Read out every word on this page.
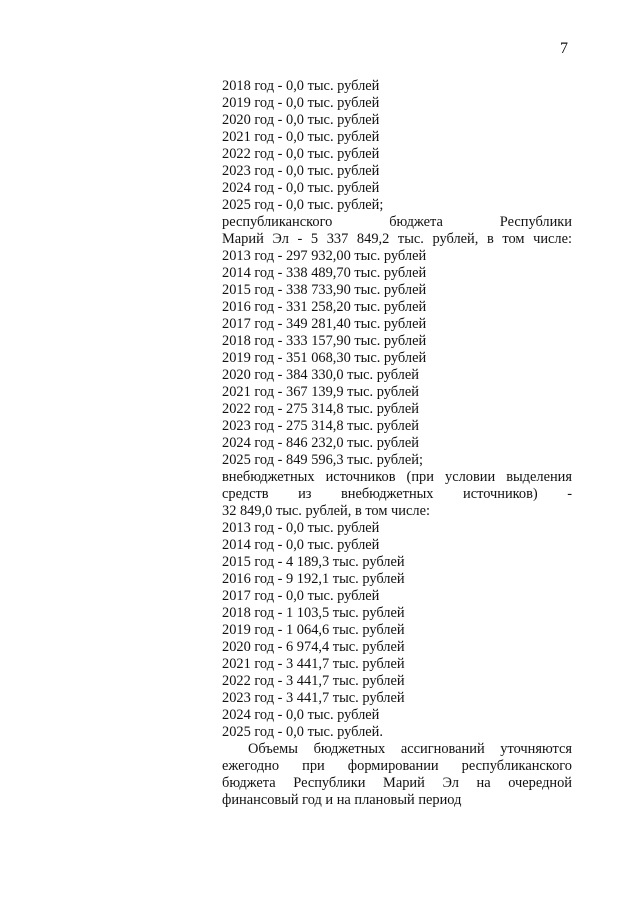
7
2018 год - 0,0 тыс. рублей
2019 год - 0,0 тыс. рублей
2020 год - 0,0 тыс. рублей
2021 год - 0,0 тыс. рублей
2022 год - 0,0 тыс. рублей
2023 год - 0,0 тыс. рублей
2024 год - 0,0 тыс. рублей
2025 год - 0,0 тыс. рублей;
республиканского бюджета Республики
Марий Эл - 5 337 849,2 тыс. рублей, в том числе:
2013 год - 297 932,00 тыс. рублей
2014 год - 338 489,70 тыс. рублей
2015 год - 338 733,90 тыс. рублей
2016 год - 331 258,20 тыс. рублей
2017 год - 349 281,40 тыс. рублей
2018 год - 333 157,90 тыс. рублей
2019 год - 351 068,30 тыс. рублей
2020 год - 384 330,0 тыс. рублей
2021 год - 367 139,9 тыс. рублей
2022 год - 275 314,8 тыс. рублей
2023 год - 275 314,8 тыс. рублей
2024 год - 846 232,0 тыс. рублей
2025 год - 849 596,3 тыс. рублей;
внебюджетных источников (при условии выделения
средств из внебюджетных источников) -
32 849,0 тыс. рублей, в том числе:
2013 год - 0,0 тыс. рублей
2014 год - 0,0 тыс. рублей
2015 год - 4 189,3 тыс. рублей
2016 год - 9 192,1 тыс. рублей
2017 год - 0,0 тыс. рублей
2018 год - 1 103,5 тыс. рублей
2019 год - 1 064,6 тыс. рублей
2020 год - 6 974,4 тыс. рублей
2021 год - 3 441,7 тыс. рублей
2022 год - 3 441,7 тыс. рублей
2023 год - 3 441,7 тыс. рублей
2024 год - 0,0 тыс. рублей
2025 год - 0,0 тыс. рублей.
Объемы бюджетных ассигнований уточняются
ежегодно при формировании республиканского
бюджета Республики Марий Эл на очередной
финансовый год и на плановый период
